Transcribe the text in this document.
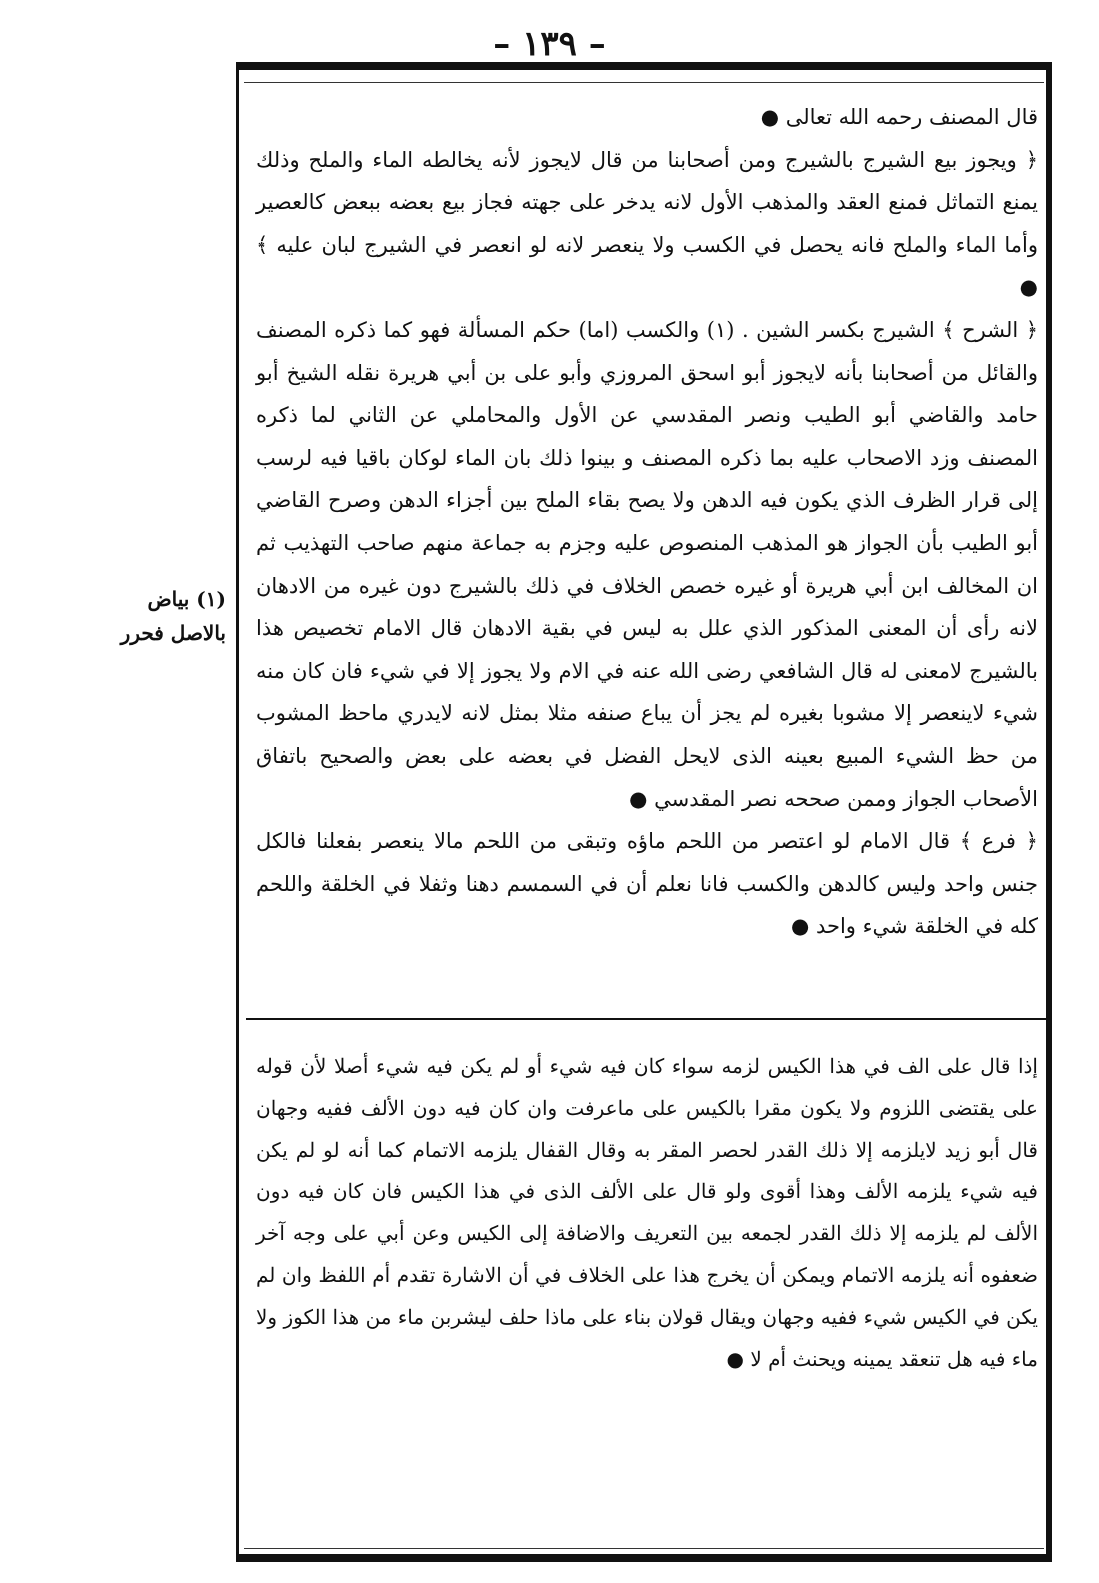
– ١٣٩ –

قال المصنف رحمه الله تعالى ●

﴿ ويجوز بيع الشيرج بالشيرج ومن أصحابنا من قال لايجوز لأنه يخالطه الماء والملح وذلك يمنع التماثل فمنع العقد والمذهب الأول لانه يدخر على جهته فجاز بيع بعضه ببعض كالعصير وأما الماء والملح فانه يحصل في الكسب ولا ينعصر لانه لو انعصر في الشيرج لبان عليه ﴾ ●

﴿ الشرح ﴾ الشيرج بكسر الشين . (١) والكسب (اما) حكم المسألة فهو كما ذكره المصنف والقائل من أصحابنا بأنه لايجوز أبو اسحق المروزي وأبو على بن أبي هريرة نقله الشيخ أبو حامد والقاضي أبو الطيب ونصر المقدسي عن الأول والمحاملي عن الثاني لما ذكره المصنف وزد الاصحاب عليه بما ذكره المصنف و بينوا ذلك بان الماء لوكان باقيا فيه لرسب إلى قرار الظرف الذي يكون فيه الدهن ولا يصح بقاء الملح بين أجزاء الدهن وصرح القاضي أبو الطيب بأن الجواز هو المذهب المنصوص عليه وجزم به جماعة منهم صاحب التهذيب ثم ان المخالف ابن أبي هريرة أو غيره خصص الخلاف في ذلك بالشيرج دون غيره من الادهان لانه رأى أن المعنى المذكور الذي علل به ليس في بقية الادهان قال الامام تخصيص هذا بالشيرج لامعنى له قال الشافعي رضى الله عنه في الام ولا يجوز إلا في شيء فان كان منه شيء لاينعصر إلا مشوبا بغيره لم يجز أن يباع صنفه مثلا بمثل لانه لايدري ماحظ المشوب من حظ الشيء المبيع بعينه الذى لايحل الفضل في بعضه على بعض والصحيح باتفاق الأصحاب الجواز وممن صححه نصر المقدسي ●

﴿ فرع ﴾ قال الامام لو اعتصر من اللحم ماؤه وتبقى من اللحم مالا ينعصر بفعلنا فالكل جنس واحد وليس كالدهن والكسب فانا نعلم أن في السمسم دهنا وثفلا في الخلقة واللحم كله في الخلقة شيء واحد ●

إذا قال على الف في هذا الكيس لزمه سواء كان فيه شيء أو لم يكن فيه شيء أصلا لأن قوله على يقتضى اللزوم ولا يكون مقرا بالكيس على ماعرفت وان كان فيه دون الألف ففيه وجهان قال أبو زيد لايلزمه إلا ذلك القدر لحصر المقر به وقال القفال يلزمه الاتمام كما أنه لو لم يكن فيه شيء يلزمه الألف وهذا أقوى ولو قال على الألف الذى في هذا الكيس فان كان فيه دون الألف لم يلزمه إلا ذلك القدر لجمعه بين التعريف والاضافة إلى الكيس وعن أبي على وجه آخر ضعفوه أنه يلزمه الاتمام ويمكن أن يخرج هذا على الخلاف في أن الاشارة تقدم أم اللفظ وان لم يكن في الكيس شيء ففيه وجهان ويقال قولان بناء على ماذا حلف ليشربن ماء من هذا الكوز ولا ماء فيه هل تنعقد يمينه ويحنث أم لا ●

(١) بياض
بالاصل فحرر
